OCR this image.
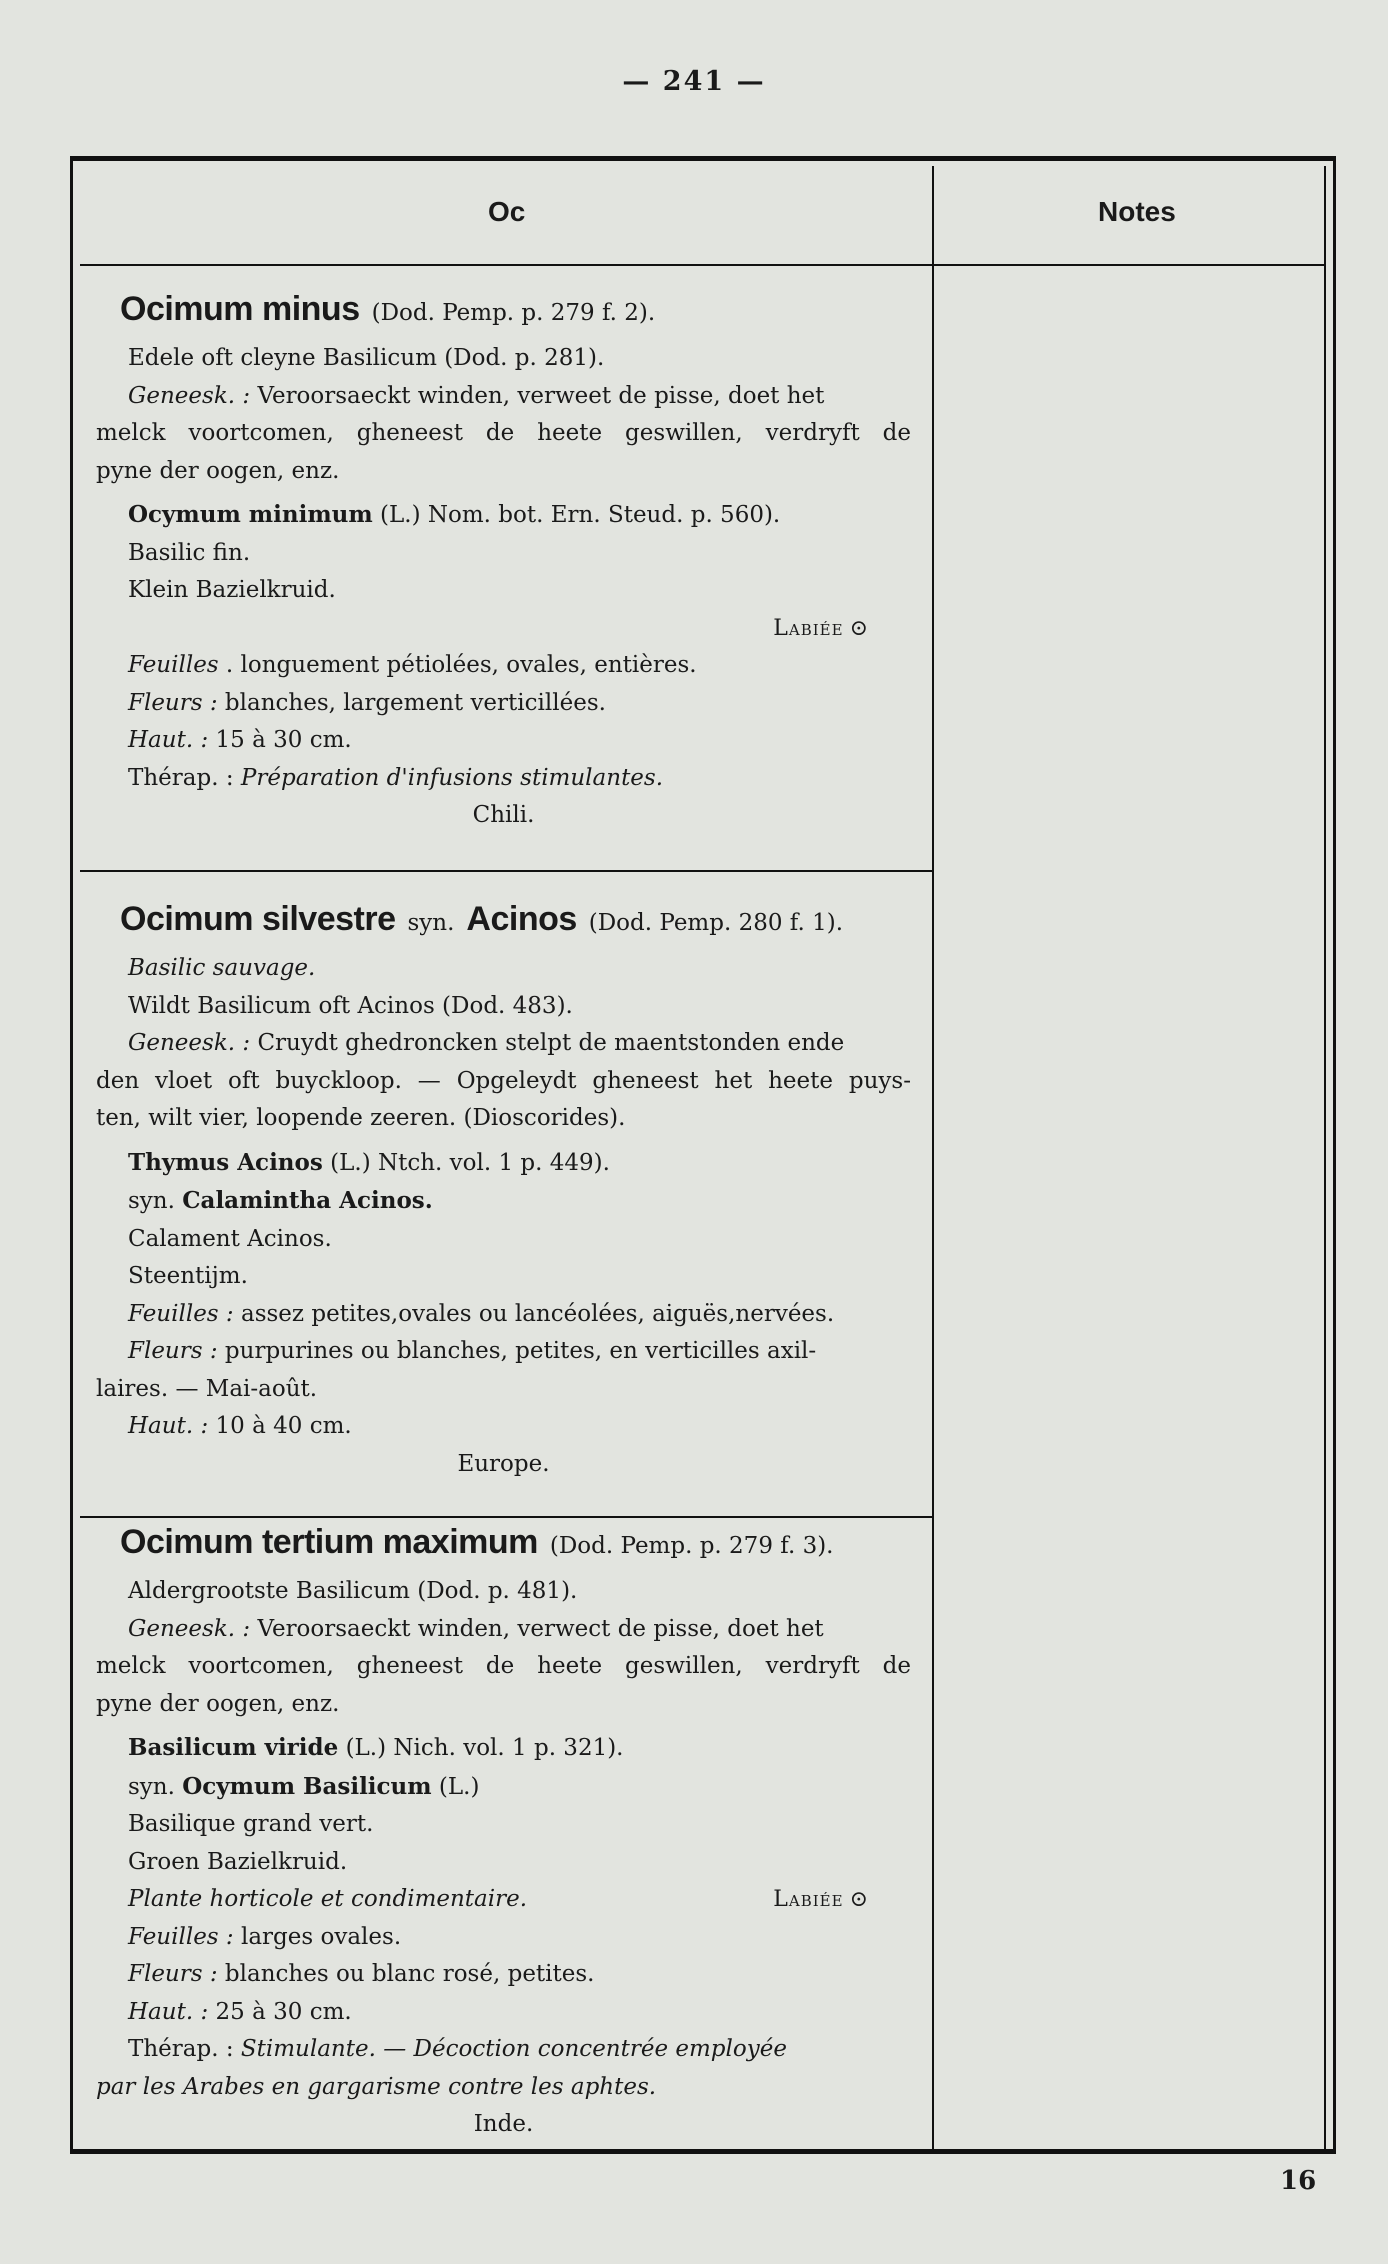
— 241 —
Oc	Notes
Ocimum minus (Dod. Pemp. p. 279 f. 2).
Edele oft cleyne Basilicum (Dod. p. 281).
Geneesk. : Veroorsaeckt winden, verweet de pisse, doet het
melck voortcomen, gheneest de heete geswillen, verdryft de
pyne der oogen, enz.
Ocymum minimum (L.) Nom. bot. Ern. Steud. p. 560).
Basilic fin.
Klein Bazielkruid.
Labiée ⊙
Feuilles . longuement pétiolées, ovales, entières.
Fleurs : blanches, largement verticillées.
Haut. : 15 à 30 cm.
Thérap. : Préparation d'infusions stimulantes.
Chili.
Ocimum silvestre syn. Acinos (Dod. Pemp. 280 f. 1).
Basilic sauvage.
Wildt Basilicum oft Acinos (Dod. 483).
Geneesk. : Cruydt ghedroncken stelpt de maentstonden ende
den vloet oft buyckloop. — Opgeleydt gheneest het heete puys-
ten, wilt vier, loopende zeeren. (Dioscorides).
Thymus Acinos (L.) Ntch. vol. 1 p. 449).
syn. Calamintha Acinos.
Calament Acinos.
Steentijm.
Feuilles : assez petites,ovales ou lancéolées, aiguës,nervées.
Fleurs : purpurines ou blanches, petites, en verticilles axil-
laires. — Mai-août.
Haut. : 10 à 40 cm.
Europe.
Ocimum tertium maximum (Dod. Pemp. p. 279 f. 3).
Aldergrootste Basilicum (Dod. p. 481).
Geneesk. : Veroorsaeckt winden, verwect de pisse, doet het
melck voortcomen, gheneest de heete geswillen, verdryft de
pyne der oogen, enz.
Basilicum viride (L.) Nich. vol. 1 p. 321).
syn. Ocymum Basilicum (L.)
Basilique grand vert.
Groen Bazielkruid.
Plante horticole et condimentaire.	Labiée ⊙
Feuilles : larges ovales.
Fleurs : blanches ou blanc rosé, petites.
Haut. : 25 à 30 cm.
Thérap. : Stimulante. — Décoction concentrée employée
par les Arabes en gargarisme contre les aphtes.
Inde.
16
